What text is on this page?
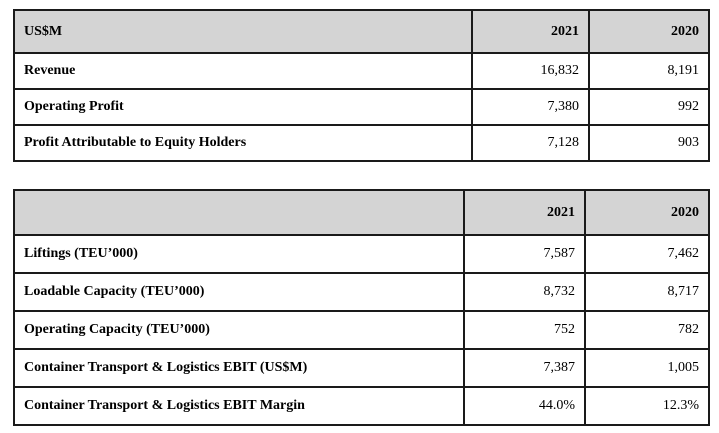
US$M	2021	2020
Revenue	16,832	8,191
Operating Profit	7,380	992
Profit Attributable to Equity Holders	7,128	903
	2021	2020
Liftings (TEU’000)	7,587	7,462
Loadable Capacity (TEU’000)	8,732	8,717
Operating Capacity (TEU’000)	752	782
Container Transport & Logistics EBIT (US$M)	7,387	1,005
Container Transport & Logistics EBIT Margin	44.0%	12.3%
